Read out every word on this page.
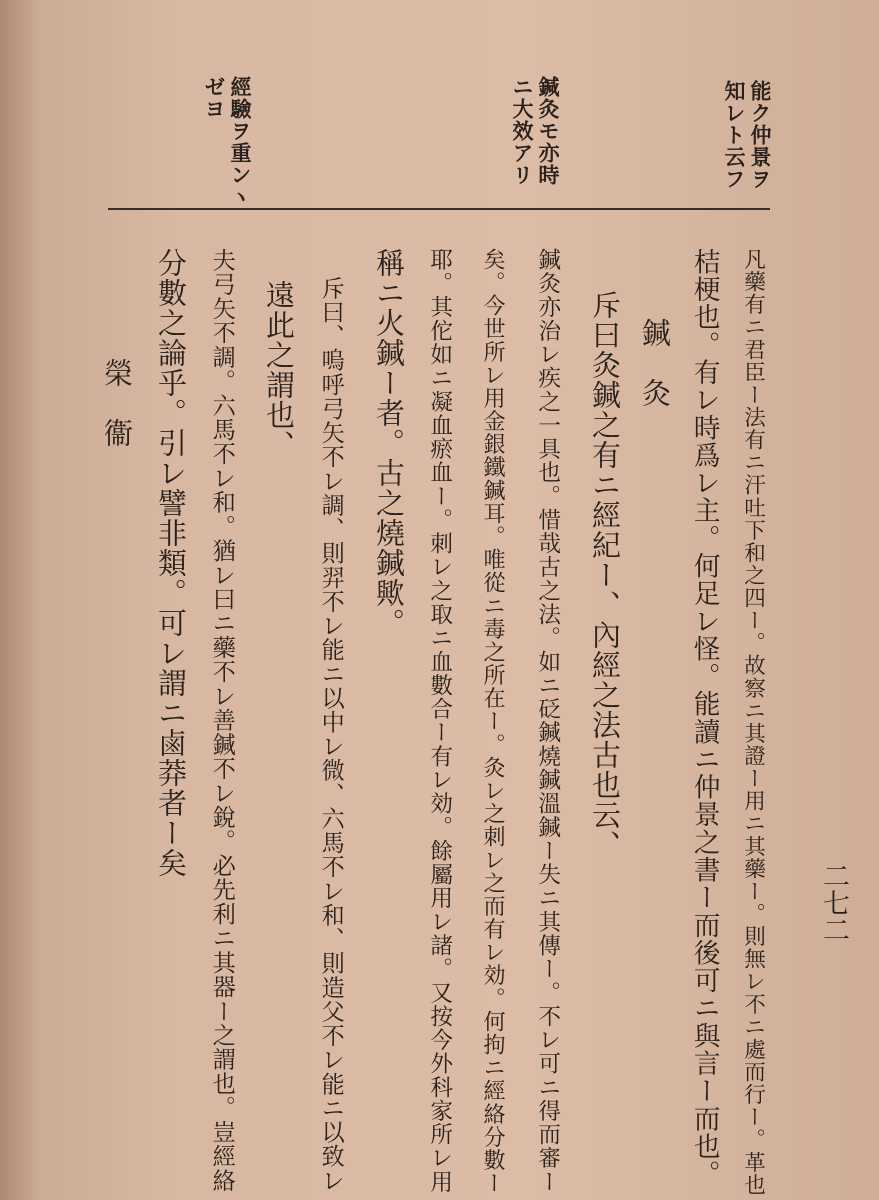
能ク仲景ヲ
知レト云フ
鍼灸モ亦時
ニ大效アリ
經驗ヲ重ンヽ
ゼヨ
凡藥有ニ君臣ー法有ニ汗吐下和之四ー。故察ニ其證ー用ニ其藥ー。則無レ不ニ處而行ー。革也
桔梗也。有レ時爲レ主。何足レ怪。能讀ニ仲景之書ー而後可ニ與言ー而也。
鍼　灸
斥曰灸鍼之有ニ經紀ー、內經之法古也云、
鍼灸亦治レ疾之一具也。惜哉古之法。如ニ砭鍼燒鍼溫鍼ー失ニ其傳ー。不レ可ニ得而審ー
矣。今世所レ用金銀鐵鍼耳。唯從ニ毒之所在ー。灸レ之刺レ之而有レ効。何拘ニ經絡分數ー
耶。其佗如ニ凝血瘀血ー。刺レ之取ニ血數合ー有レ効。餘屬用レ諸。又按今外科家所レ用
稱ニ火鍼ー者。古之燒鍼歟。
斥曰、嗚呼弓矢不レ調、則羿不レ能ニ以中レ微、六馬不レ和、則造父不レ能ニ以致レ
遠此之謂也、
夫弓矢不調。六馬不レ和。猶レ曰ニ藥不レ善鍼不レ銳。必先利ニ其器ー之謂也。豈經絡
分數之論乎。引レ譬非類。可レ謂ニ鹵莽者ー矣
榮　衞
二七二
